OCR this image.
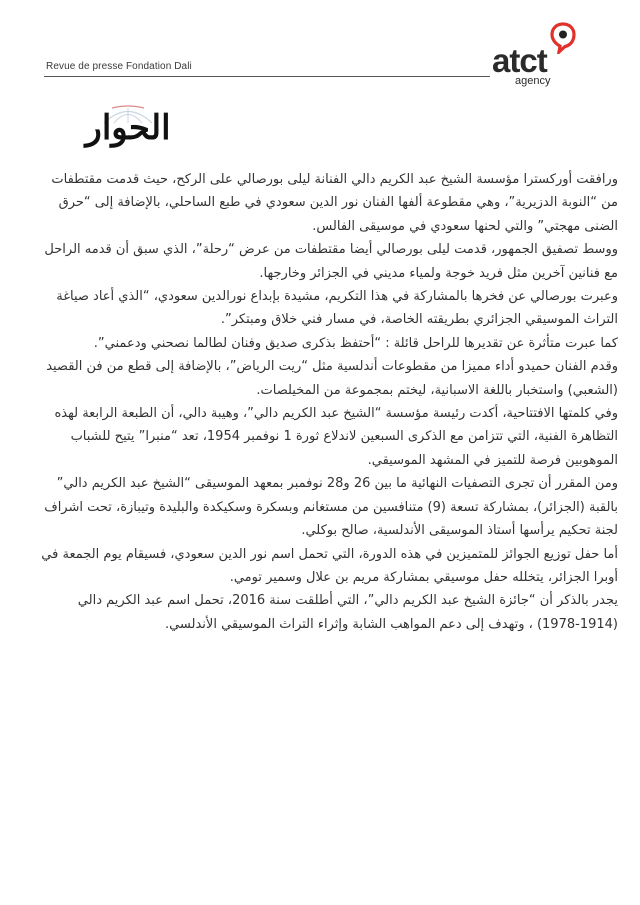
Revue de presse Fondation Dali	atct
agency
الحوار

ورافقت أوركسترا مؤسسة الشيخ عبد الكريم دالي الفنانة ليلى بورصالي على الركح، حيث قدمت مقتطفات من “النوبة الدزيرية”، وهي مقطوعة ألفها الفنان نور الدين سعودي في طبع الساحلي، بالإضافة إلى “حرق الضنى مهجتي” والتي لحنها سعودي في موسيقى الفالس.

ووسط تصفيق الجمهور، قدمت ليلى بورصالي أيضا مقتطفات من عرض “رحلة”، الذي سبق أن قدمه الراحل مع فنانين آخرين مثل فريد خوجة ولمياء مديني في الجزائر وخارجها.

وعبرت بورصالي عن فخرها بالمشاركة في هذا التكريم، مشيدة بإبداع نورالدين سعودي، “الذي أعاد صياغة التراث الموسيقي الجزائري بطريقته الخاصة، في مسار فني خلاق ومبتكر”.

كما عبرت متأثرة عن تقديرها للراحل قائلة : “أحتفظ بذكرى صديق وفنان لطالما نصحني ودعمني”.

وقدم الفنان حميدو أداء مميزا من مقطوعات أندلسية مثل “ريت الرياض”، بالإضافة إلى قطع من فن القصيد (الشعبي) واستخبار باللغة الاسبانية، ليختم بمجموعة من المخيلصات.

وفي كلمتها الافتتاحية، أكدت رئيسة مؤسسة “الشيخ عبد الكريم دالي”، وهيبة دالي، أن الطبعة الرابعة لهذه التظاهرة الفنية، التي تتزامن مع الذكرى السبعين لاندلاع ثورة 1 نوفمبر 1954، تعد “منبرا” يتيح للشباب الموهوبين فرصة للتميز في المشهد الموسيقي.

ومن المقرر أن تجرى التصفيات النهائية ما بين 26 و28 نوفمبر بمعهد الموسيقى “الشيخ عبد الكريم دالي” بالقبة (الجزائر)، بمشاركة تسعة (9) متنافسين من مستغانم وبسكرة وسكيكدة والبليدة وتيبازة، تحت اشراف لجنة تحكيم يرأسها أستاذ الموسيقى الأندلسية، صالح بوكلي.

أما حفل توزيع الجوائز للمتميزين في هذه الدورة، التي تحمل اسم نور الدين سعودي، فسيقام يوم الجمعة في أوبرا الجزائر، يتخلله حفل موسيقي بمشاركة مريم بن علال وسمير تومي.

يجدر بالذكر أن “جائزة الشيخ عبد الكريم دالي”، التي أطلقت سنة 2016، تحمل اسم عبد الكريم دالي (1914-1978) ، وتهدف إلى دعم المواهب الشابة وإثراء التراث الموسيقي الأندلسي.
